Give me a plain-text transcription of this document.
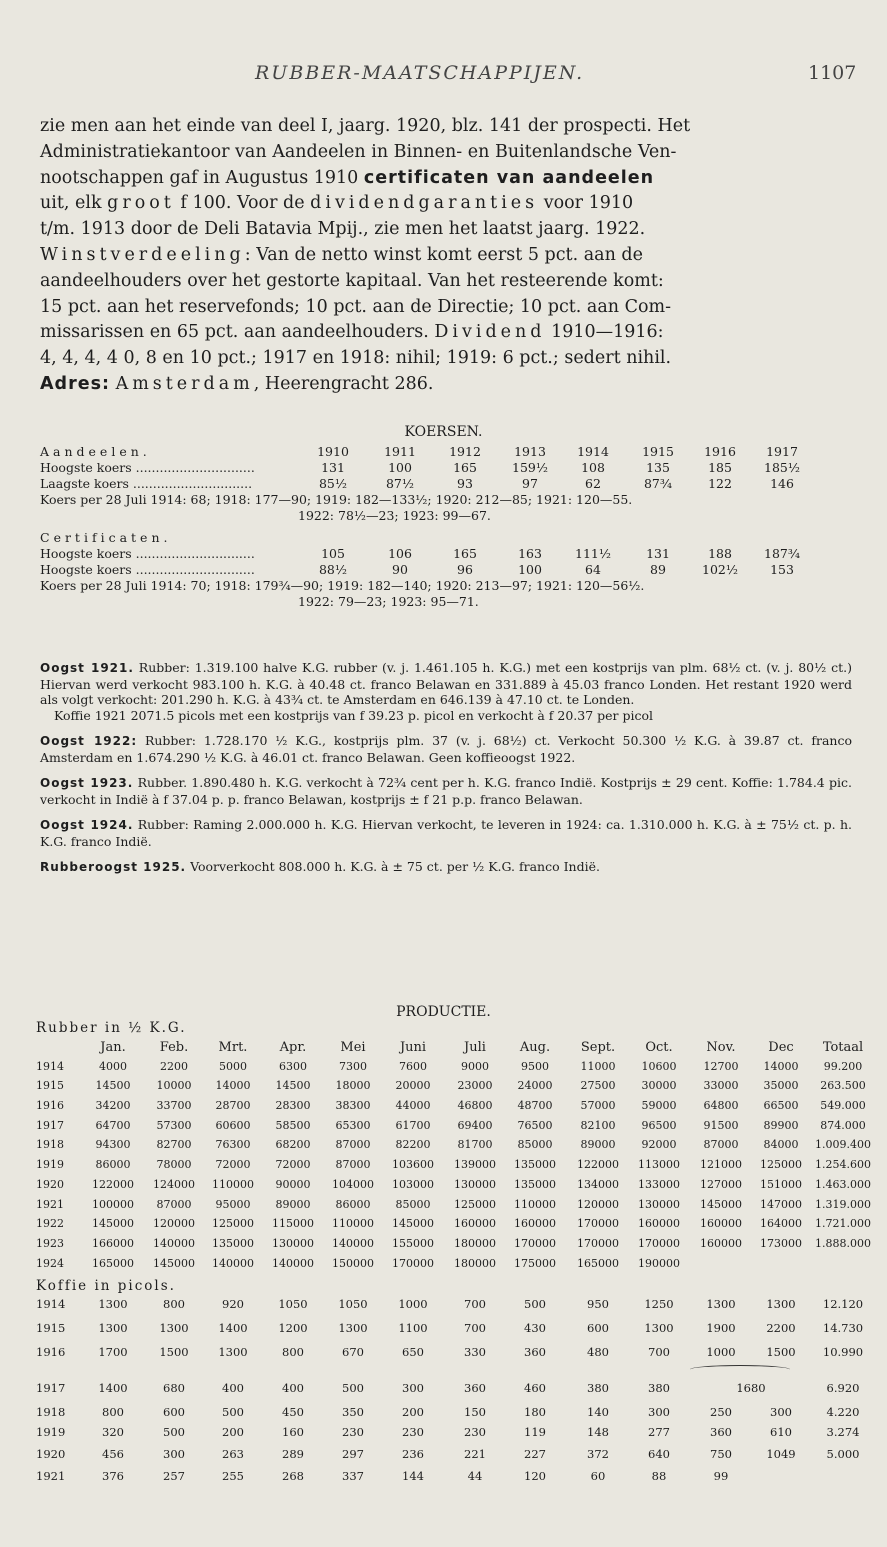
RUBBER-MAATSCHAPPIJEN.	1107

zie men aan het einde van deel I, jaarg. 1920, blz. 141 der prospecti. Het

Administratiekantoor van Aandeelen in Binnen- en Buitenlandsche Ven-

nootschappen gaf in Augustus 1910 certificaten van aandeelen

uit, elk groot f 100. Voor de dividendgaranties voor 1910

t/m. 1913 door de Deli Batavia Mpij., zie men het laatst jaarg. 1922.

Winstverdeeling: Van de netto winst komt eerst 5 pct. aan de

aandeelhouders over het gestorte kapitaal. Van het resteerende komt:

15 pct. aan het reservefonds; 10 pct. aan de Directie; 10 pct. aan Com-

missarissen en 65 pct. aan aandeelhouders. Dividend 1910—1916:

4, 4, 4, 4 0, 8 en 10 pct.; 1917 en 1918: nihil; 1919: 6 pct.; sedert nihil.

Adres: Amsterdam, Heerengracht 286.

KOERSEN.
Aandeelen.	1910	1911	1912	1913	1914	1915	1916	1917
Hoogste koers ..............................	131	100	165	159½	108	135	185	185½
Laagste koers ..............................	85½	87½	93	97	62	87¾	122	146
Koers per 28 Juli 1914: 68; 1918: 177—90; 1919: 182—133½; 1920: 212—85; 1921: 120—55.
1922: 78½—23; 1923: 99—67.
Certificaten.
Hoogste koers ..............................	105	106	165	163	111½	131	188	187¾
Hoogste koers ..............................	88½	90	96	100	64	89	102½	153
Koers per 28 Juli 1914: 70; 1918: 179¾—90; 1919: 182—140; 1920: 213—97; 1921: 120—56½.
1922: 79—23; 1923: 95—71.

Oogst 1921. Rubber: 1.319.100 halve K.G. rubber (v. j. 1.461.105 h. K.G.) met een kostprijs van plm. 68½ ct. (v. j. 80½ ct.) Hiervan werd verkocht 983.100 h. K.G. à 40.48 ct. franco Belawan en 331.889 à 45.03 franco Londen. Het restant 1920 werd als volgt verkocht: 201.290 h. K.G. à 43¾ ct. te Amsterdam en 646.139 à 47.10 ct. te Londen.
Koffie 1921 2071.5 picols met een kostprijs van f 39.23 p. picol en verkocht à f 20.37 per picol

Oogst 1922: Rubber: 1.728.170 ½ K.G., kostprijs plm. 37 (v. j. 68½) ct. Verkocht 50.300 ½ K.G. à 39.87 ct. franco Amsterdam en 1.674.290 ½ K.G. à 46.01 ct. franco Belawan. Geen koffieoogst 1922.

Oogst 1923. Rubber. 1.890.480 h. K.G. verkocht à 72¾ cent per h. K.G. franco Indië. Kostprijs ± 29 cent. Koffie: 1.784.4 pic. verkocht in Indië à f 37.04 p. p. franco Belawan, kostprijs ± f 21 p.p. franco Belawan.

Oogst 1924. Rubber: Raming 2.000.000 h. K.G. Hiervan verkocht, te leveren in 1924: ca. 1.310.000 h. K.G. à ± 75½ ct. p. h. K.G. franco Indië.

Rubberoogst 1925. Voorverkocht 808.000 h. K.G. à ± 75 ct. per ½ K.G. franco Indië.

PRODUCTIE.
Rubber in ½ K.G.
Jan.	Feb.	Mrt.	Apr.	Mei	Juni	Juli	Aug.	Sept.	Oct.	Nov.	Dec	Totaal
1914	4000	2200	5000	6300	7300	7600	9000	9500	11000	10600	12700	14000	99.200
1915	14500	10000	14000	14500	18000	20000	23000	24000	27500	30000	33000	35000	263.500
1916	34200	33700	28700	28300	38300	44000	46800	48700	57000	59000	64800	66500	549.000
1917	64700	57300	60600	58500	65300	61700	69400	76500	82100	96500	91500	89900	874.000
1918	94300	82700	76300	68200	87000	82200	81700	85000	89000	92000	87000	84000	1.009.400
1919	86000	78000	72000	72000	87000	103600	139000	135000	122000	113000	121000	125000	1.254.600
1920	122000	124000	110000	90000	104000	103000	130000	135000	134000	133000	127000	151000	1.463.000
1921	100000	87000	95000	89000	86000	85000	125000	110000	120000	130000	145000	147000	1.319.000
1922	145000	120000	125000	115000	110000	145000	160000	160000	170000	160000	160000	164000	1.721.000
1923	166000	140000	135000	130000	140000	155000	180000	170000	170000	170000	160000	173000	1.888.000
1924	165000	145000	140000	140000	150000	170000	180000	175000	165000	190000
Koffie in picols.
1914	1300	800	920	1050	1050	1000	700	500	950	1250	1300	1300	12.120
1915	1300	1300	1400	1200	1300	1100	700	430	600	1300	1900	2200	14.730
1916	1700	1500	1300	800	670	650	330	360	480	700	1000	1500	10.990
1917	1400	680	400	400	500	300	360	460	380	380	1680	6.920
1918	800	600	500	450	350	200	150	180	140	300	250	300	4.220
1919	320	500	200	160	230	230	230	119	148	277	360	610	3.274
1920	456	300	263	289	297	236	221	227	372	640	750	1049	5.000
1921	376	257	255	268	337	144	44	120	60	88	99
